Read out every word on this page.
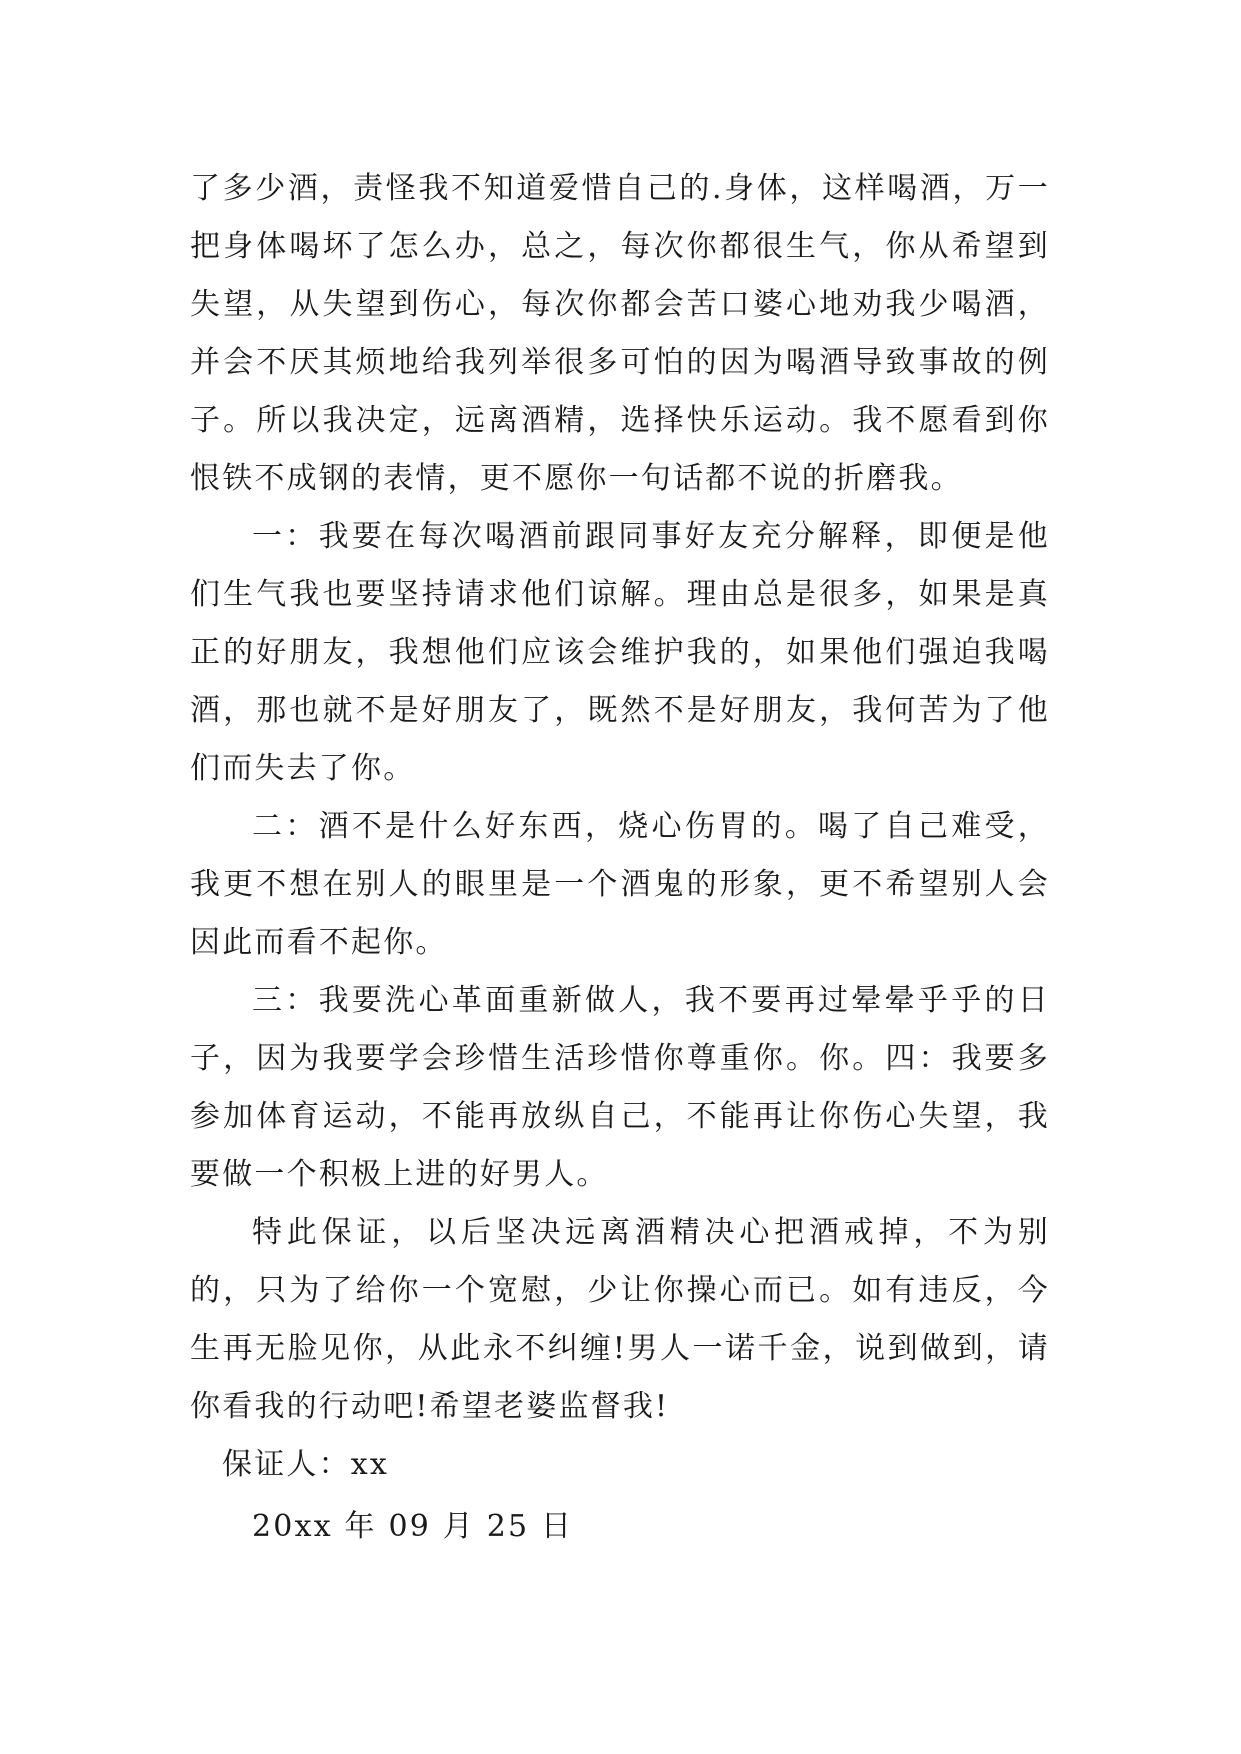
了多少酒，责怪我不知道爱惜自己的.身体，这样喝酒，万一把身体喝坏了怎么办，总之，每次你都很生气，你从希望到失望，从失望到伤心，每次你都会苦口婆心地劝我少喝酒，并会不厌其烦地给我列举很多可怕的因为喝酒导致事故的例子。所以我决定，远离酒精，选择快乐运动。我不愿看到你恨铁不成钢的表情，更不愿你一句话都不说的折磨我。

一：我要在每次喝酒前跟同事好友充分解释，即便是他们生气我也要坚持请求他们谅解。理由总是很多，如果是真正的好朋友，我想他们应该会维护我的，如果他们强迫我喝酒，那也就不是好朋友了，既然不是好朋友，我何苦为了他们而失去了你。

二：酒不是什么好东西，烧心伤胃的。喝了自己难受，我更不想在别人的眼里是一个酒鬼的形象，更不希望别人会因此而看不起你。

三：我要洗心革面重新做人，我不要再过晕晕乎乎的日子，因为我要学会珍惜生活珍惜你尊重你。你。四：我要多参加体育运动，不能再放纵自己，不能再让你伤心失望，我要做一个积极上进的好男人。

特此保证，以后坚决远离酒精决心把酒戒掉，不为别的，只为了给你一个宽慰，少让你操心而已。如有违反，今生再无脸见你，从此永不纠缠!男人一诺千金，说到做到，请你看我的行动吧!希望老婆监督我!

保证人：xx

20xx 年 09 月 25 日
